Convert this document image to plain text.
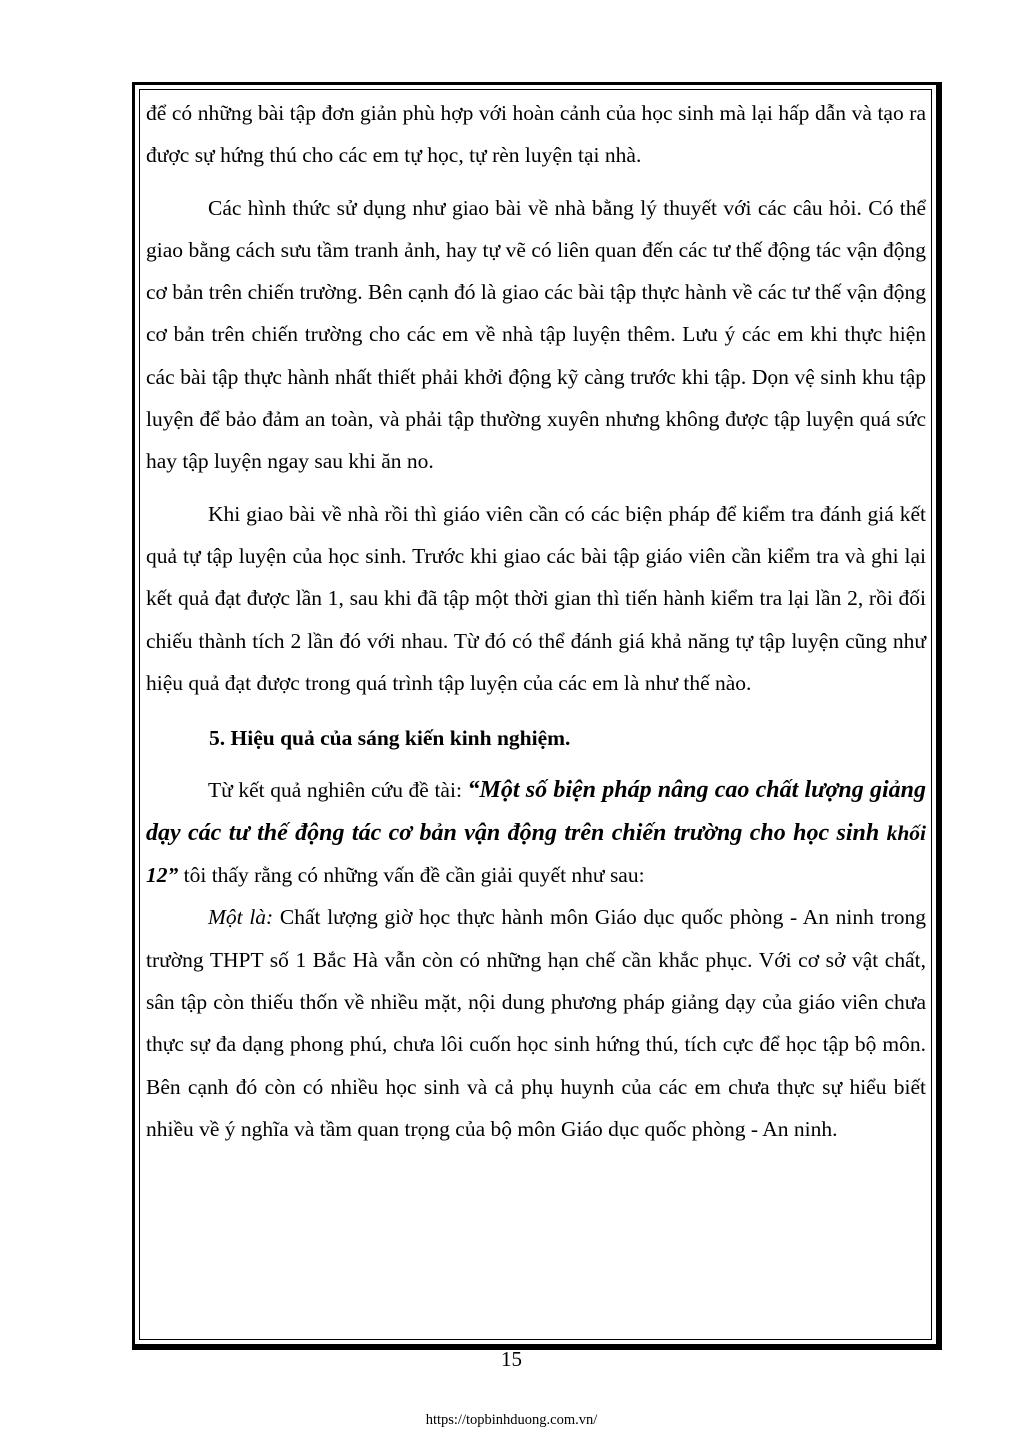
để có những bài tập đơn giản phù hợp với hoàn cảnh của học sinh mà lại hấp dẫn và tạo ra được sự hứng thú cho các em tự học, tự rèn luyện tại nhà.

Các hình thức sử dụng như giao bài về nhà bằng lý thuyết với các câu hỏi. Có thể giao bằng cách sưu tầm tranh ảnh, hay tự vẽ có liên quan đến các tư thế động tác vận động cơ bản trên chiến trường. Bên cạnh đó là giao các bài tập thực hành về các tư thế vận động cơ bản trên chiến trường cho các em về nhà tập luyện thêm. Lưu ý các em khi thực hiện các bài tập thực hành nhất thiết phải khởi động kỹ càng trước khi tập. Dọn vệ sinh khu tập luyện để bảo đảm an toàn, và phải tập thường xuyên nhưng không được tập luyện quá sức hay tập luyện ngay sau khi ăn no.

Khi giao bài về nhà rồi thì giáo viên cần có các biện pháp để kiểm tra đánh giá kết quả tự tập luyện của học sinh. Trước khi giao các bài tập giáo viên cần kiểm tra và ghi lại kết quả đạt được lần 1, sau khi đã tập một thời gian thì tiến hành kiểm tra lại lần 2, rồi đối chiếu thành tích 2 lần đó với nhau. Từ đó có thể đánh giá khả năng tự tập luyện cũng như hiệu quả đạt được trong quá trình tập luyện của các em là như thế nào.

5. Hiệu quả của sáng kiến kinh nghiệm.

Từ kết quả nghiên cứu đề tài: “Một số biện pháp nâng cao chất lượng giảng dạy các tư thế động tác cơ bản vận động trên chiến trường cho học sinh khối 12” tôi thấy rằng có những vấn đề cần giải quyết như sau:

Một là: Chất lượng giờ học thực hành môn Giáo dục quốc phòng - An ninh trong trường THPT số 1 Bắc Hà vẫn còn có những hạn chế cần khắc phục. Với cơ sở vật chất, sân tập còn thiếu thốn về nhiều mặt, nội dung phương pháp giảng dạy của giáo viên chưa thực sự đa dạng phong phú, chưa lôi cuốn học sinh hứng thú, tích cực để học tập bộ môn. Bên cạnh đó còn có nhiều học sinh và cả phụ huynh của các em chưa thực sự hiểu biết nhiều về ý nghĩa và tầm quan trọng của bộ môn Giáo dục quốc phòng - An ninh.

15
https://topbinhduong.com.vn/
